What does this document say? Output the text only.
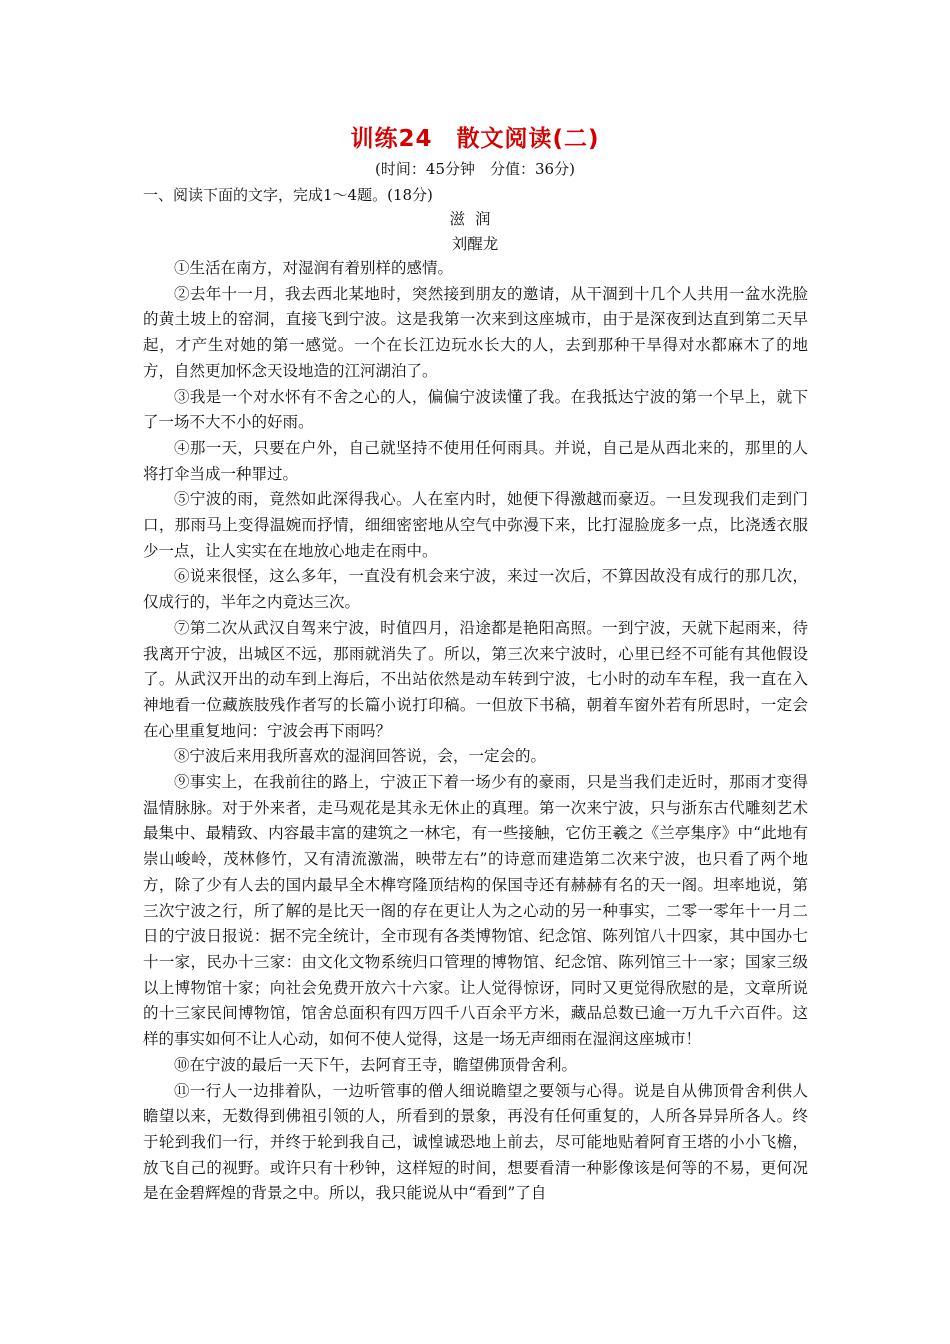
训练24　散文阅读(二)
(时间：45分钟　分值：36分)
一、阅读下面的文字，完成1～4题。(18分)
滋润
刘醒龙

①生活在南方，对湿润有着别样的感情。

②去年十一月，我去西北某地时，突然接到朋友的邀请，从干涸到十几个人共用一盆水洗脸的黄土坡上的窑洞，直接飞到宁波。这是我第一次来到这座城市，由于是深夜到达直到第二天早起，才产生对她的第一感觉。一个在长江边玩水长大的人，去到那种干旱得对水都麻木了的地方，自然更加怀念天设地造的江河湖泊了。

③我是一个对水怀有不舍之心的人，偏偏宁波读懂了我。在我抵达宁波的第一个早上，就下了一场不大不小的好雨。

④那一天，只要在户外，自己就坚持不使用任何雨具。并说，自己是从西北来的，那里的人将打伞当成一种罪过。

⑤宁波的雨，竟然如此深得我心。人在室内时，她便下得激越而豪迈。一旦发现我们走到门口，那雨马上变得温婉而抒情，细细密密地从空气中弥漫下来，比打湿脸庞多一点，比浇透衣服少一点，让人实实在在地放心地走在雨中。

⑥说来很怪，这么多年，一直没有机会来宁波，来过一次后，不算因故没有成行的那几次，仅成行的，半年之内竟达三次。

⑦第二次从武汉自驾来宁波，时值四月，沿途都是艳阳高照。一到宁波，天就下起雨来，待我离开宁波，出城区不远，那雨就消失了。所以，第三次来宁波时，心里已经不可能有其他假设了。从武汉开出的动车到上海后，不出站依然是动车转到宁波，七小时的动车车程，我一直在入神地看一位藏族肢残作者写的长篇小说打印稿。一但放下书稿，朝着车窗外若有所思时，一定会在心里重复地问：宁波会再下雨吗？

⑧宁波后来用我所喜欢的湿润回答说，会，一定会的。

⑨事实上，在我前往的路上，宁波正下着一场少有的豪雨，只是当我们走近时，那雨才变得温情脉脉。对于外来者，走马观花是其永无休止的真理。第一次来宁波，只与浙东古代雕刻艺术最集中、最精致、内容最丰富的建筑之一林宅，有一些接触，它仿王羲之《兰亭集序》中“此地有崇山峻岭，茂林修竹，又有清流激湍，映带左右”的诗意而建造第二次来宁波，也只看了两个地方，除了少有人去的国内最早全木榫穹隆顶结构的保国寺还有赫赫有名的天一阁。坦率地说，第三次宁波之行，所了解的是比天一阁的存在更让人为之心动的另一种事实，二零一零年十一月二日的宁波日报说：据不完全统计，全市现有各类博物馆、纪念馆、陈列馆八十四家，其中国办七十一家，民办十三家：由文化文物系统归口管理的博物馆、纪念馆、陈列馆三十一家；国家三级以上博物馆十家；向社会免费开放六十六家。让人觉得惊讶，同时又更觉得欣慰的是，文章所说的十三家民间博物馆，馆舍总面积有四万四千八百余平方米，藏品总数已逾一万九千六百件。这样的事实如何不让人心动，如何不使人觉得，这是一场无声细雨在湿润这座城市！

⑩在宁波的最后一天下午，去阿育王寺，瞻望佛顶骨舍利。

⑪一行人一边排着队，一边听管事的僧人细说瞻望之要领与心得。说是自从佛顶骨舍利供人瞻望以来，无数得到佛祖引领的人，所看到的景象，再没有任何重复的，人所各异异所各人。终于轮到我们一行，并终于轮到我自己，诚惶诚恐地上前去，尽可能地贴着阿育王塔的小小飞檐，放飞自己的视野。或许只有十秒钟，这样短的时间，想要看清一种影像该是何等的不易，更何况是在金碧辉煌的背景之中。所以，我只能说从中“看到”了自
